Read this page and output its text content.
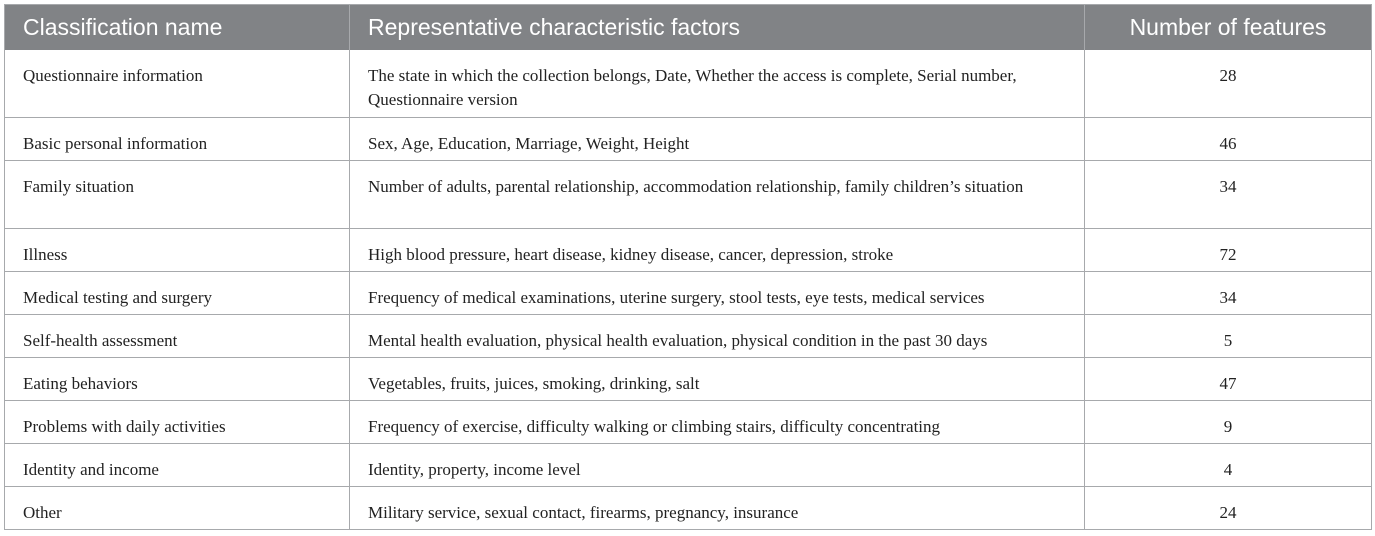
Classification name	Representative characteristic factors	Number of features
Questionnaire information	The state in which the collection belongs, Date, Whether the access is complete, Serial number, Questionnaire version	28
Basic personal information	Sex, Age, Education, Marriage, Weight, Height	46
Family situation	Number of adults, parental relationship, accommodation relationship, family children’s situation	34
Illness	High blood pressure, heart disease, kidney disease, cancer, depression, stroke	72
Medical testing and surgery	Frequency of medical examinations, uterine surgery, stool tests, eye tests, medical services	34
Self-health assessment	Mental health evaluation, physical health evaluation, physical condition in the past 30 days	5
Eating behaviors	Vegetables, fruits, juices, smoking, drinking, salt	47
Problems with daily activities	Frequency of exercise, difficulty walking or climbing stairs, difficulty concentrating	9
Identity and income	Identity, property, income level	4
Other	Military service, sexual contact, firearms, pregnancy, insurance	24
